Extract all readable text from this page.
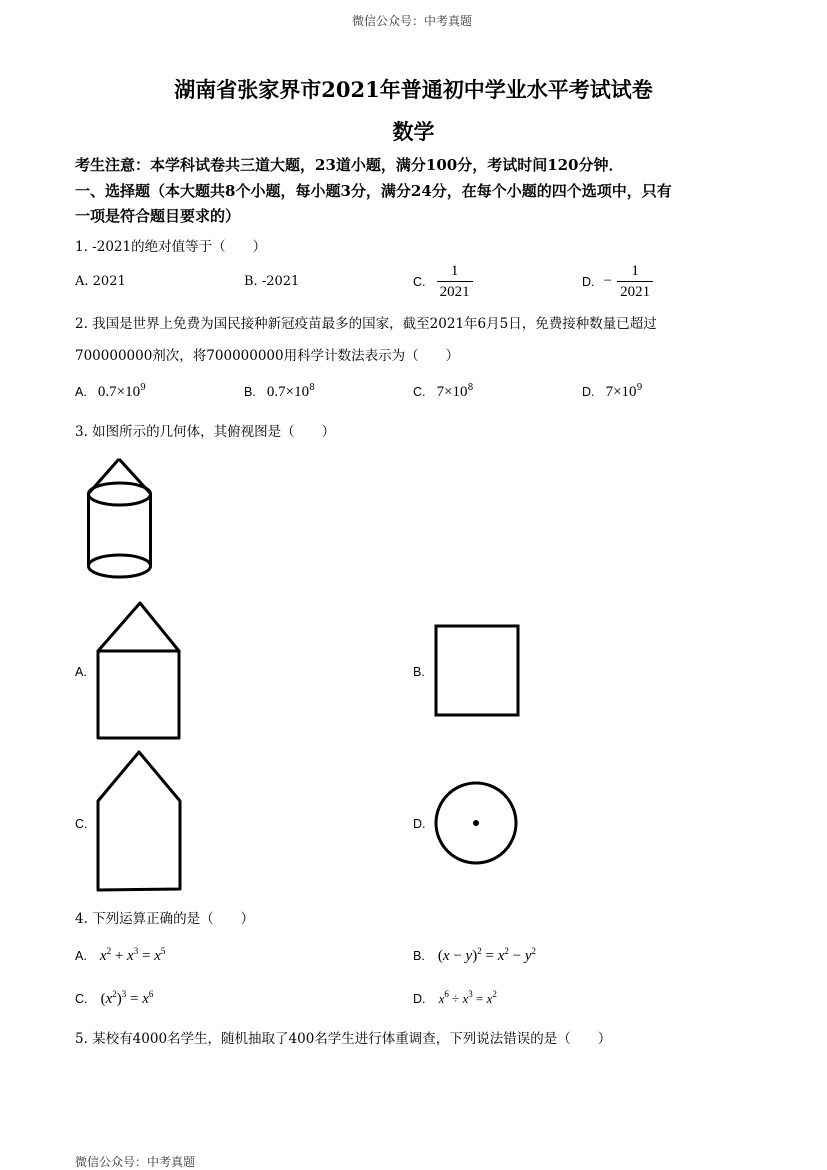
微信公众号：中考真题
微信公众号：中考真题
湖南省张家界市2021年普通初中学业水平考试试卷
数学
考生注意：本学科试卷共三道大题，23道小题，满分100分，考试时间120分钟．
一、选择题（本大题共8个小题，每小题3分，满分24分，在每个小题的四个选项中，只有
一项是符合题目要求的）
1. -2021的绝对值等于（　　）
A. 2021	B. -2021	C. $\frac{1}{2021}$	D. − $\frac{1}{2021}$
2. 我国是世界上免费为国民接种新冠疫苗最多的国家，截至2021年6月5日，免费接种数量已超过
700000000剂次，将700000000用科学计数法表示为（　　）
A. $0.7\times 10^9$	B. $0.7\times 10^8$	C. $7\times 10^8$	D. $7\times 10^9$
3. 如图所示的几何体，其俯视图是（　　）
A.	B.
C.	D.
4. 下列运算正确的是（　　）
A. $x^2 + x^3 = x^5$	B. $(x - y)^2 = x^2 - y^2$
C. $(x^2)^3 = x^6$	D. $x^6 \div x^3 = x^2$
5. 某校有4000名学生，随机抽取了400名学生进行体重调查，下列说法错误的是（　　）
